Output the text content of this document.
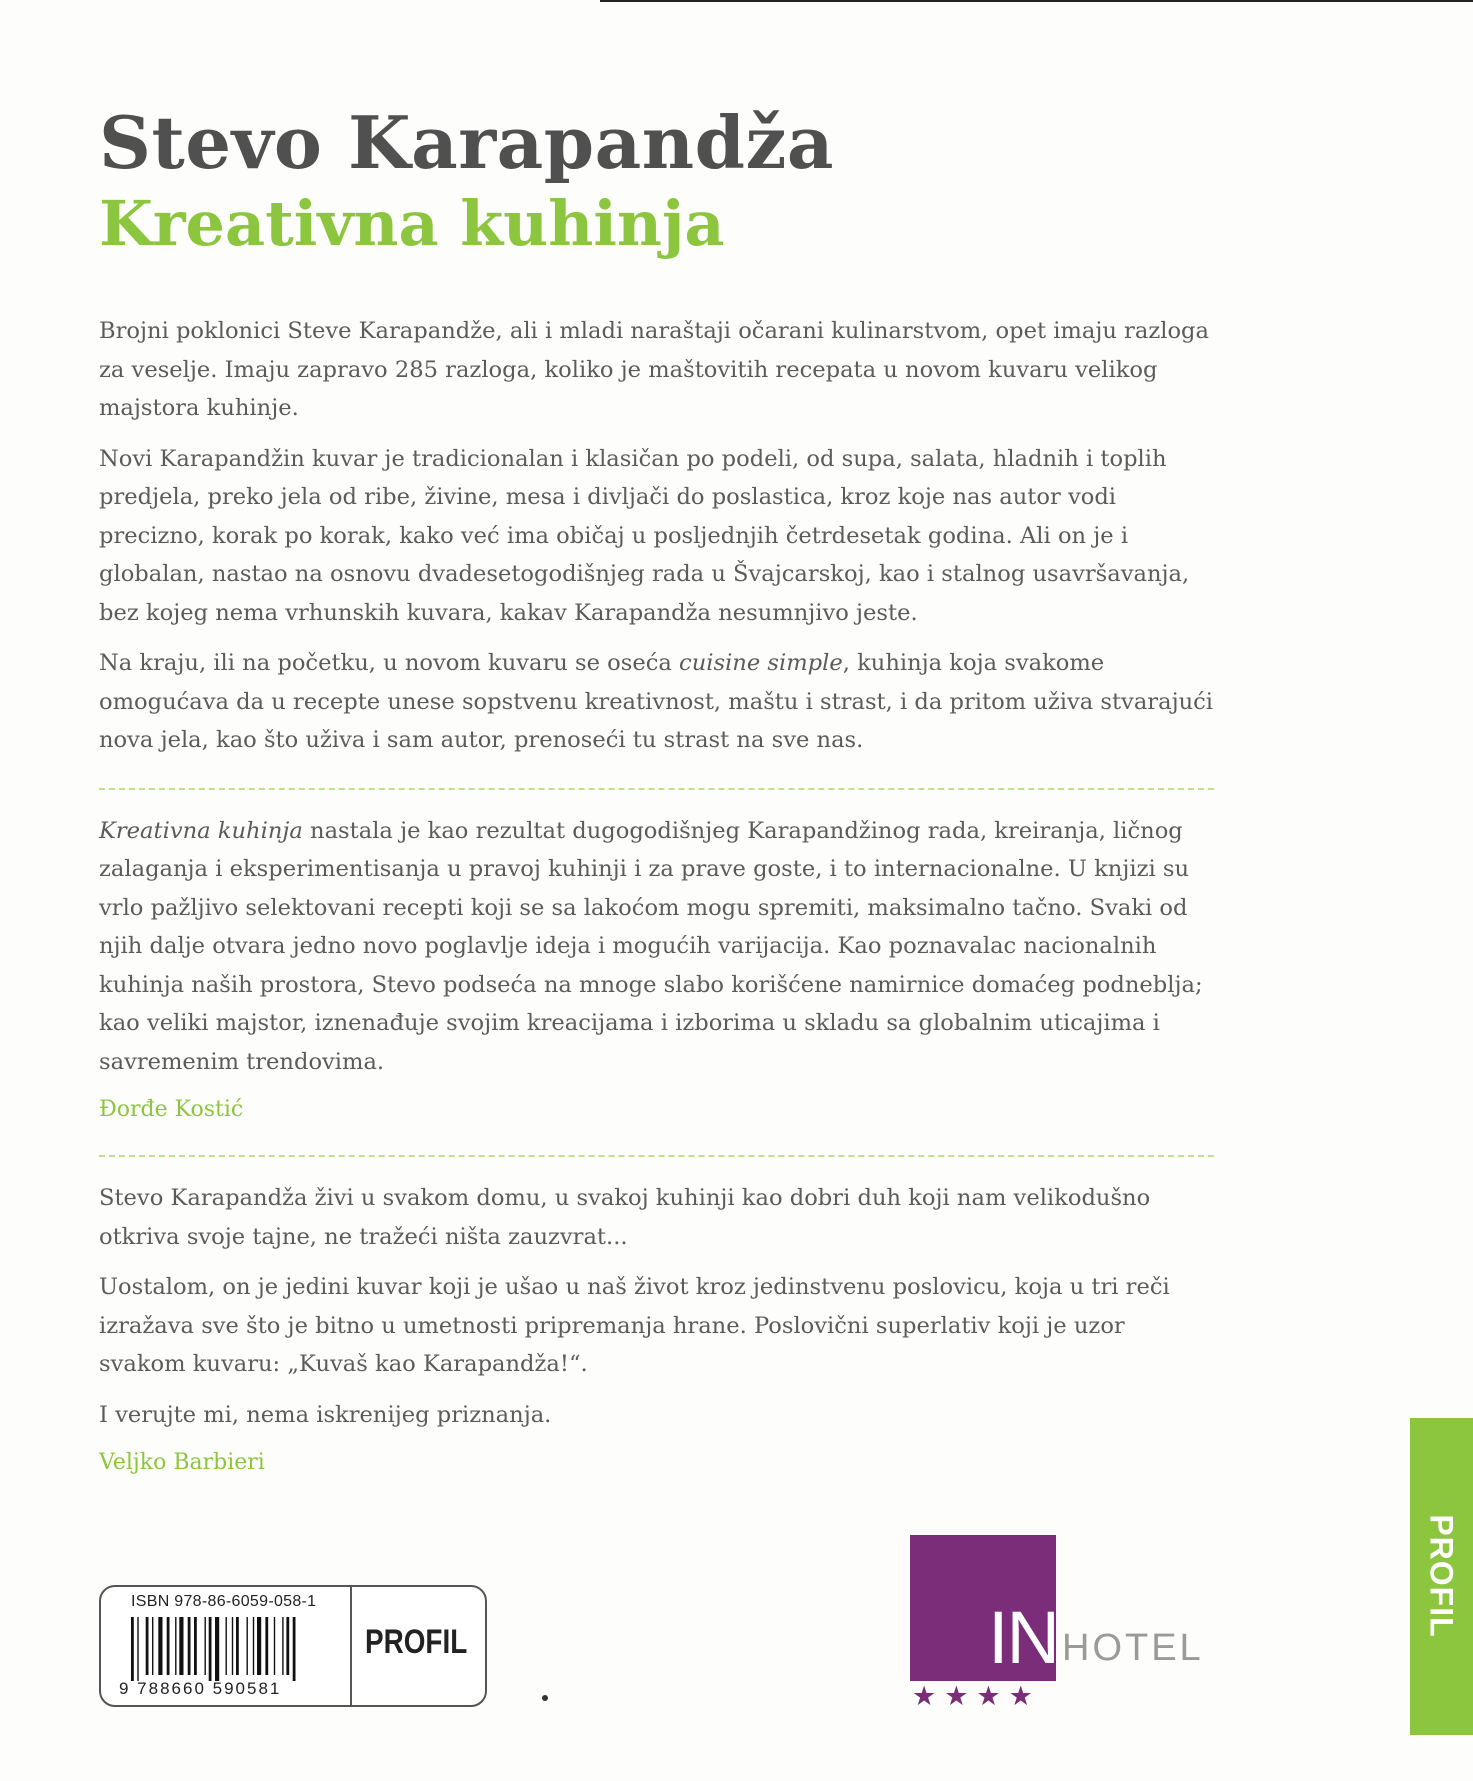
Stevo Karapandža
Kreativna kuhinja

Brojni poklonici Steve Karapandže, ali i mladi naraštaji očarani kulinarstvom, opet imaju razloga za veselje. Imaju zapravo 285 razloga, koliko je maštovitih recepata u novom kuvaru velikog majstora kuhinje.

Novi Karapandžin kuvar je tradicionalan i klasičan po podeli, od supa, salata, hladnih i toplih predjela, preko jela od ribe, živine, mesa i divljači do poslastica, kroz koje nas autor vodi precizno, korak po korak, kako već ima običaj u posljednjih četrdesetak godina. Ali on je i globalan, nastao na osnovu dvadesetogodišnjeg rada u Švajcarskoj, kao i stalnog usavršavanja, bez kojeg nema vrhunskih kuvara, kakav Karapandža nesumnjivo jeste.

Na kraju, ili na početku, u novom kuvaru se oseća cuisine simple, kuhinja koja svakome omogućava da u recepte unese sopstvenu kreativnost, maštu i strast, i da pritom uživa stvarajući nova jela, kao što uživa i sam autor, prenoseći tu strast na sve nas.

Kreativna kuhinja nastala je kao rezultat dugogodišnjeg Karapandžinog rada, kreiranja, ličnog zalaganja i eksperimentisanja u pravoj kuhinji i za prave goste, i to internacionalne. U knjizi su vrlo pažljivo selektovani recepti koji se sa lakoćom mogu spremiti, maksimalno tačno. Svaki od njih dalje otvara jedno novo poglavlje ideja i mogućih varijacija. Kao poznavalac nacionalnih kuhinja naših prostora, Stevo podseća na mnoge slabo korišćene namirnice domaćeg podneblja; kao veliki majstor, iznenađuje svojim kreacijama i izborima u skladu sa globalnim uticajima i savremenim trendovima.

Đorđe Kostić

Stevo Karapandža živi u svakom domu, u svakoj kuhinji kao dobri duh koji nam velikodušno otkriva svoje tajne, ne tražeći ništa zauzvrat...

Uostalom, on je jedini kuvar koji je ušao u naš život kroz jedinstvenu poslovicu, koja u tri reči izražava sve što je bitno u umetnosti pripremanja hrane. Poslovični superlativ koji je uzor svakom kuvaru: „Kuvaš kao Karapandža!“.

I verujte mi, nema iskrenijeg priznanja.

Veljko Barbieri
ISBN 978-86-6059-058-1
9 788660 590581
PROFIL	IN HOTEL
★★★★
PROFIL
